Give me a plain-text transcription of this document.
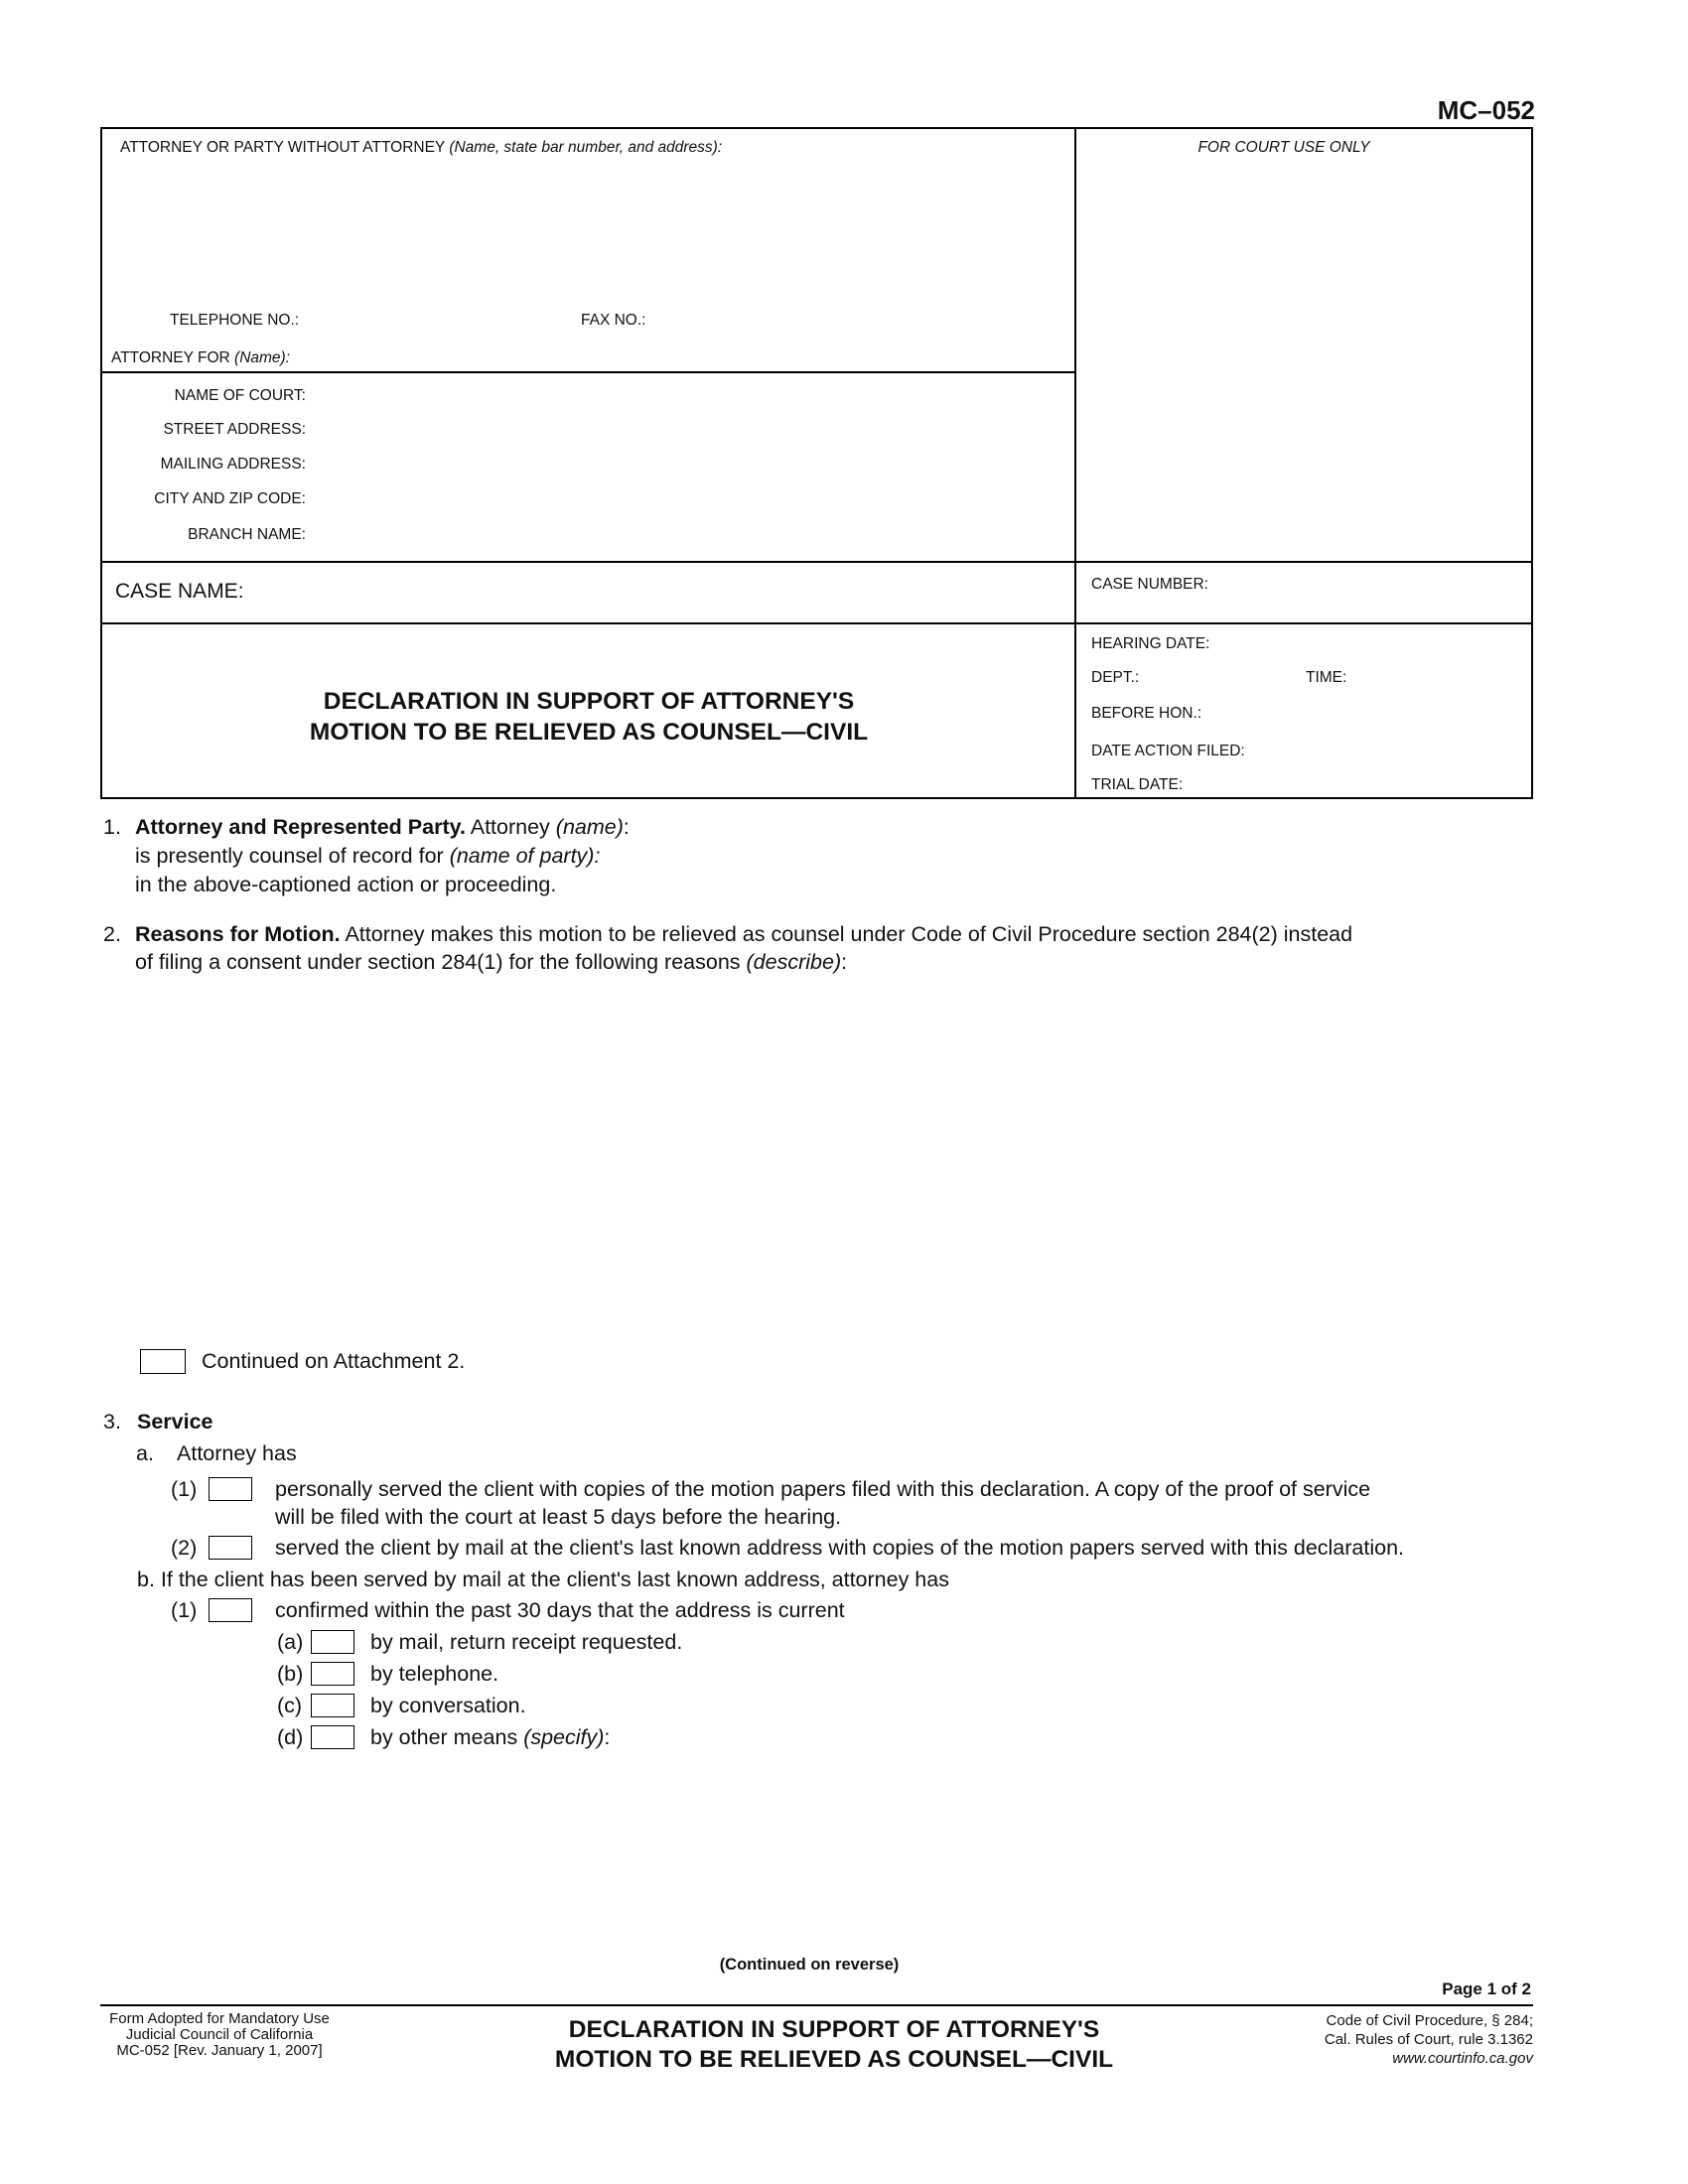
MC–052
ATTORNEY OR PARTY WITHOUT ATTORNEY (Name, state bar number, and address):	FOR COURT USE ONLY
TELEPHONE NO.:	FAX NO.:
ATTORNEY FOR (Name):
NAME OF COURT:
STREET ADDRESS:
MAILING ADDRESS:
CITY AND ZIP CODE:
BRANCH NAME:
CASE NAME:	CASE NUMBER:
DECLARATION IN SUPPORT OF ATTORNEY'S
MOTION TO BE RELIEVED AS COUNSEL—CIVIL
HEARING DATE:
DEPT.:	TIME:
BEFORE HON.:
DATE ACTION FILED:
TRIAL DATE:
1. Attorney and Represented Party. Attorney (name):
is presently counsel of record for (name of party):
in the above-captioned action or proceeding.
2. Reasons for Motion. Attorney makes this motion to be relieved as counsel under Code of Civil Procedure section 284(2) instead
of filing a consent under section 284(1) for the following reasons (describe):
Continued on Attachment 2.
3. Service
a. Attorney has
(1)	personally served the client with copies of the motion papers filed with this declaration. A copy of the proof of service
will be filed with the court at least 5 days before the hearing.
(2)	served the client by mail at the client's last known address with copies of the motion papers served with this declaration.
b. If the client has been served by mail at the client's last known address, attorney has
(1)	confirmed within the past 30 days that the address is current
(a)	by mail, return receipt requested.
(b)	by telephone.
(c)	by conversation.
(d)	by other means (specify):
(Continued on reverse)
Page 1 of 2
Form Adopted for Mandatory Use
Judicial Council of California
MC-052 [Rev. January 1, 2007]
DECLARATION IN SUPPORT OF ATTORNEY'S
MOTION TO BE RELIEVED AS COUNSEL—CIVIL
Code of Civil Procedure, § 284;
Cal. Rules of Court, rule 3.1362
www.courtinfo.ca.gov
